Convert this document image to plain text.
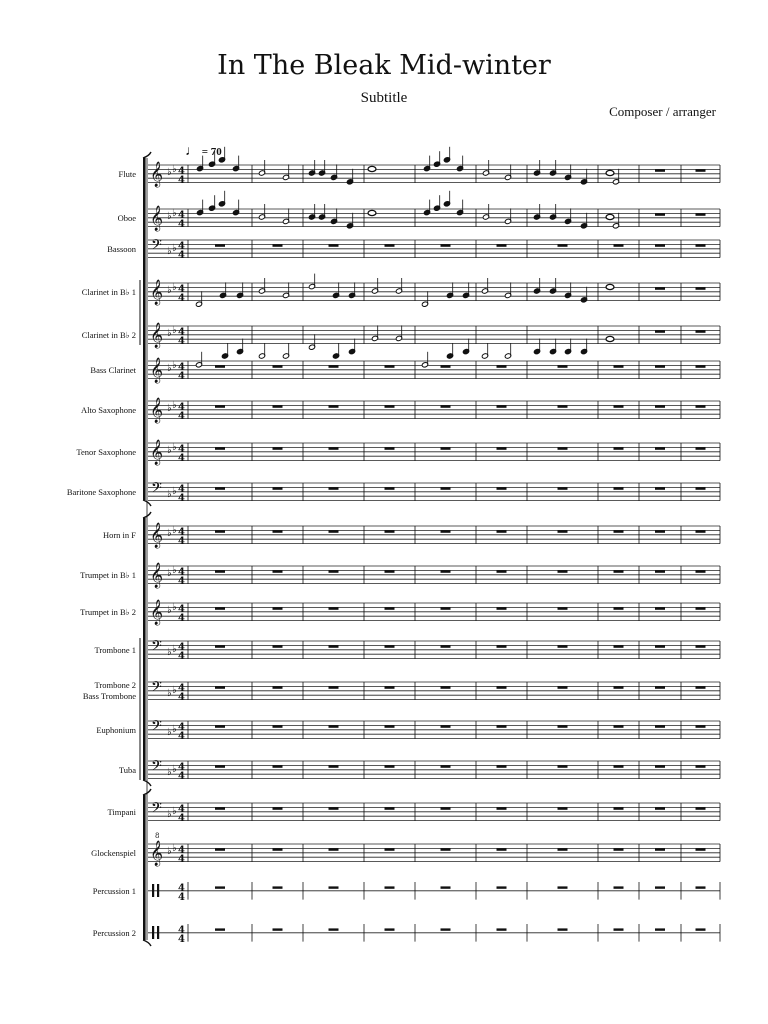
In The Bleak Mid-winter
Subtitle
Composer / arranger
♩ = 70
Flute
Oboe
Bassoon
Clarinet in B♭ 1
Clarinet in B♭ 2
Bass Clarinet
Alto Saxophone
Tenor Saxophone
Baritone Saxophone
Horn in F
Trumpet in B♭ 1
Trumpet in B♭ 2
Trombone 1
Trombone 2
Bass Trombone
Euphonium
Tuba
Timpani
Glockenspiel
Percussion 1
Percussion 2
𝄞 ♭ ♭ 4
4
𝄞 ♭ ♭ 4
4
𝄢 ♭ ♭ 4
4
𝄞 ♭ ♭ 4
4
𝄞 ♭ ♭ 4
4
𝄞 ♭ ♭ 4
4
𝄞 ♭ ♭ 4
4
𝄞 ♭ ♭ 4
4
𝄢 ♭ ♭ 4
4
𝄞 ♭ ♭ 4
4
𝄞 ♭ ♭ 4
4
𝄞 ♭ ♭ 4
4
𝄢 ♭ ♭ 4
4
𝄢 ♭ ♭ 4
4
𝄢 ♭ ♭ 4
4
𝄢 ♭ ♭ 4
4
𝄢 ♭ ♭ 4
4
𝄞
8
♭ ♭ 4
4
4
4
4
4
